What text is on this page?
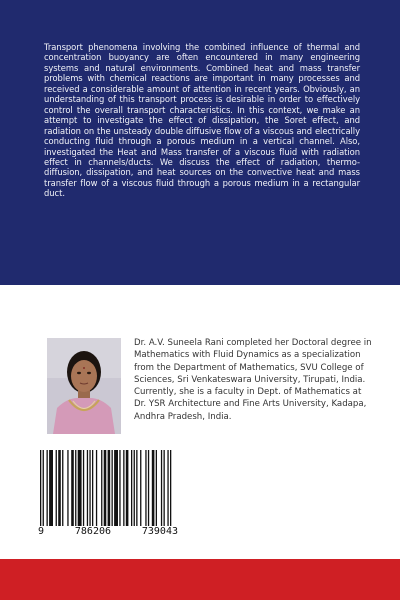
Transport phenomena involving the combined influence of thermal and concentration buoyancy are often encountered in many engineering systems and natural environments. Combined heat and mass transfer problems with chemical reactions are important in many processes and received a considerable amount of attention in recent years. Obviously, an understanding of this transport process is desirable in order to effectively control the overall transport characteristics. In this context, we make an attempt to investigate the effect of dissipation, the Soret effect, and radiation on the unsteady double diffusive flow of a viscous and electrically conducting fluid through a porous medium in a vertical channel. Also, investigated the Heat and Mass transfer of a viscous fluid with radiation effect in channels/ducts. We discuss the effect of radiation, thermo-diffusion, dissipation, and heat sources on the convective heat and mass transfer flow of a viscous fluid through a porous medium in a rectangular duct.

Dr. A.V. Suneela Rani completed her Doctoral degree in Mathematics with Fluid Dynamics as a specialization from the Department of Mathematics, SVU College of Sciences, Sri Venkateswara University, Tirupati, India. Currently, she is a faculty in Dept. of Mathematics at Dr. YSR Architecture and Fine Arts University, Kadapa, Andhra Pradesh, India.

9	786206	739043
